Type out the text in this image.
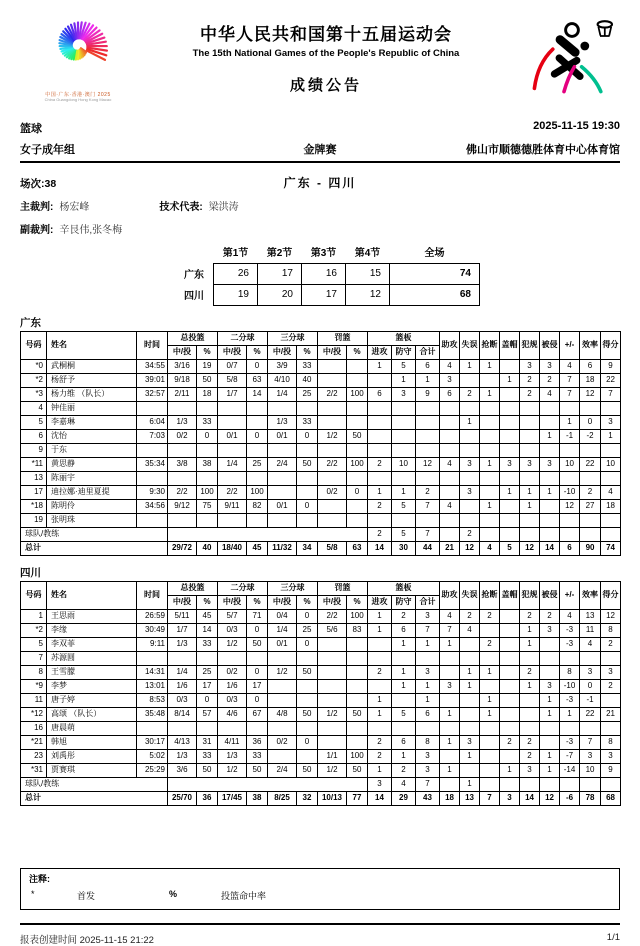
中国·广东·香港·澳门 2025
China Guangdong Hong Kong Macao
中华人民共和国第十五届运动会
The 15th National Games of the People's Republic of China
成绩公告
篮球	2025-11-15 19:30
女子成年组	金牌赛	佛山市顺德德胜体育中心体育馆
场次:38	广东 - 四川
主裁判: 杨宏峰	技术代表: 梁洪涛
副裁判: 辛艮伟,张冬梅
	第1节	第2节	第3节	第4节	全场
广东	26	17	16	15	74
四川	19	20	17	12	68
广东
号码	姓名	时间	总投篮		二分球		三分球		罚篮		篮板			助攻	失误	抢断	盖帽	犯规	被侵	+/-	效率	得分
			中/投	%	中/投	%	中/投	%	中/投	%	进攻	防守	合计									
*0	武桐桐	34:55	3/16	19	0/7	0	3/9	33			1	5	6	4	1	1		3	3	4	6	9
*2	杨舒予	39:01	9/18	50	5/8	63	4/10	40				1	1	3			1	2	2	7	18	22
*3	杨力维 （队长）	32:57	2/11	18	1/7	14	1/4	25	2/2	100	6	3	9	6	2	1		2	4	7	12	7
4	钟佳丽																					
5	李嘉琳	6:04	1/3	33			1/3	33							1					1	0	3
6	沈怡	7:03	0/2	0	0/1	0	0/1	0	1/2	50									1	-1	-2	1
9	于东																					
*11	黄思静	35:34	3/8	38	1/4	25	2/4	50	2/2	100	2	10	12	4	3	1	3	3	3	10	22	10
13	陈丽宇																					
17	迪拉娜·迪里夏提	9:30	2/2	100	2/2	100			0/2	0	1	1	2		3		1	1	1	-10	2	4
*18	陈明伶	34:56	9/12	75	9/11	82	0/1	0			2	5	7	4		1		1		12	27	18
19	张明珠																					
球队/教练											2	5	7		2							
总计			29/72	40	18/40	45	11/32	34	5/8	63	14	30	44	21	12	4	5	12	14	6	90	74
四川
号码	姓名	时间	总投篮		二分球		三分球		罚篮		篮板			助攻	失误	抢断	盖帽	犯规	被侵	+/-	效率	得分
			中/投	%	中/投	%	中/投	%	中/投	%	进攻	防守	合计									
1	王思雨	26:59	5/11	45	5/7	71	0/4	0	2/2	100	1	2	3	4	2	2		2	2	4	13	12
*2	李缘	30:49	1/7	14	0/3	0	1/4	25	5/6	83	1	6	7	7	4			1	3	-3	11	8
5	李双菲	9:11	1/3	33	1/2	50	0/1	0				1	1	1		2		1		-3	4	2
7	苏源圆																					
8	王雪朦	14:31	1/4	25	0/2	0	1/2	50			2	1	3		1	1		2		8	3	3
*9	李梦	13:01	1/6	17	1/6	17						1	1	3	1			1	3	-10	0	2
11	唐子婷	8:53	0/3	0	0/3	0					1		1			1			1	-3	-1	
*12	高颂 （队长）	35:48	8/14	57	4/6	67	4/8	50	1/2	50	1	5	6	1		1			1	1	22	21
16	唐晨萌																					
*21	韩旭	30:17	4/13	31	4/11	36	0/2	0			2	6	8	1	3		2	2		-3	7	8
23	刘禹彤	5:02	1/3	33	1/3	33			1/1	100	2	1	3		1			2	1	-7	3	3
*31	贾赛琪	25:29	3/6	50	1/2	50	2/4	50	1/2	50	1	2	3	1			1	3	1	-14	10	9
球队/教练											3	4	7		1							
总计			25/70	36	17/45	38	8/25	32	10/13	77	14	29	43	18	13	7	3	14	12	-6	78	68
注释:
*	首发	%	投篮命中率
报表创建时间 2025-11-15 21:22	1/1
